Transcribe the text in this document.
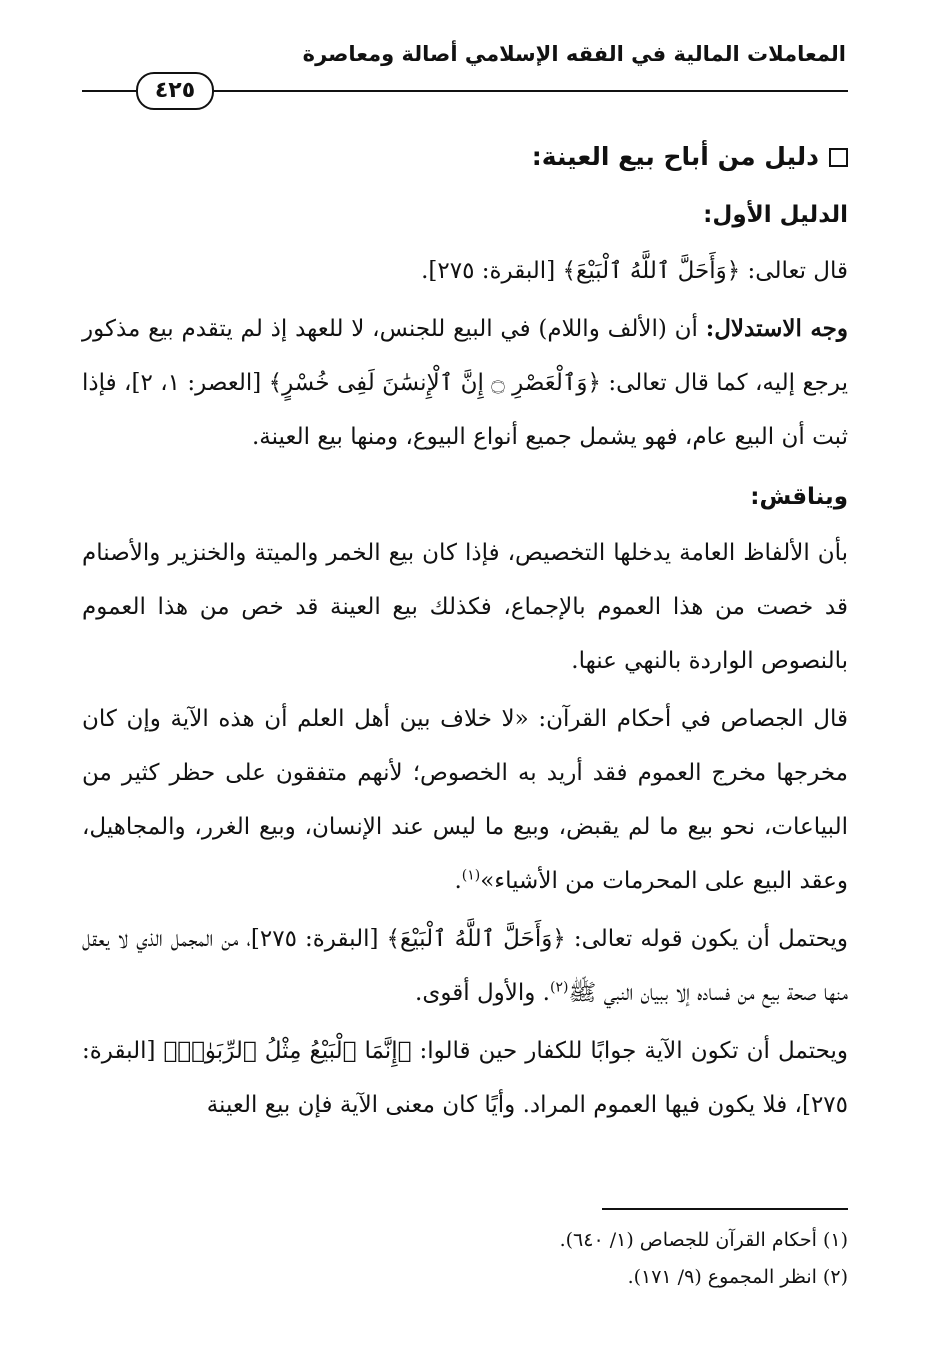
المعاملات المالية في الفقه الإسلامي أصالة ومعاصرة
٤٢٥
دليل من أباح بيع العينة:
الدليل الأول:

قال تعالى: ﴿وَأَحَلَّ ٱللَّهُ ٱلْبَيْعَ﴾ [البقرة: ٢٧٥].

وجه الاستدلال: أن (الألف واللام) في البيع للجنس، لا للعهد إذ لم يتقدم بيع مذكور يرجع إليه، كما قال تعالى: ﴿وَٱلْعَصْرِ ۝ إِنَّ ٱلْإِنسَٰنَ لَفِى خُسْرٍ﴾ [العصر: ١، ٢]، فإذا ثبت أن البيع عام، فهو يشمل جميع أنواع البيوع، ومنها بيع العينة.

ويناقش:

بأن الألفاظ العامة يدخلها التخصيص، فإذا كان بيع الخمر والميتة والخنزير والأصنام قد خصت من هذا العموم بالإجماع، فكذلك بيع العينة قد خص من هذا العموم بالنصوص الواردة بالنهي عنها.

قال الجصاص في أحكام القرآن: «لا خلاف بين أهل العلم أن هذه الآية وإن كان مخرجها مخرج العموم فقد أريد به الخصوص؛ لأنهم متفقون على حظر كثير من البياعات، نحو بيع ما لم يقبض، وبيع ما ليس عند الإنسان، وبيع الغرر، والمجاهيل، وعقد البيع على المحرمات من الأشياء»$^{(١)}$.

ويحتمل أن يكون قوله تعالى: ﴿وَأَحَلَّ ٱللَّهُ ٱلْبَيْعَ﴾ [البقرة: ٢٧٥]، من المجمل الذي لا يعقل منها صحة بيع من فساده إلا ببيان النبي ﷺ$^{(٢)}$. والأول أقوى.

ويحتمل أن تكون الآية جوابًا للكفار حين قالوا: ﴿إِنَّمَا ٱلْبَيْعُ مِثْلُ ٱلرِّبَوٰا۟﴾ [البقرة: ٢٧٥]، فلا يكون فيها العموم المراد. وأيًا كان معنى الآية فإن بيع العينة

(١) أحكام القرآن للجصاص (١/ ٦٤٠).
(٢) انظر المجموع (٩/ ١٧١).
